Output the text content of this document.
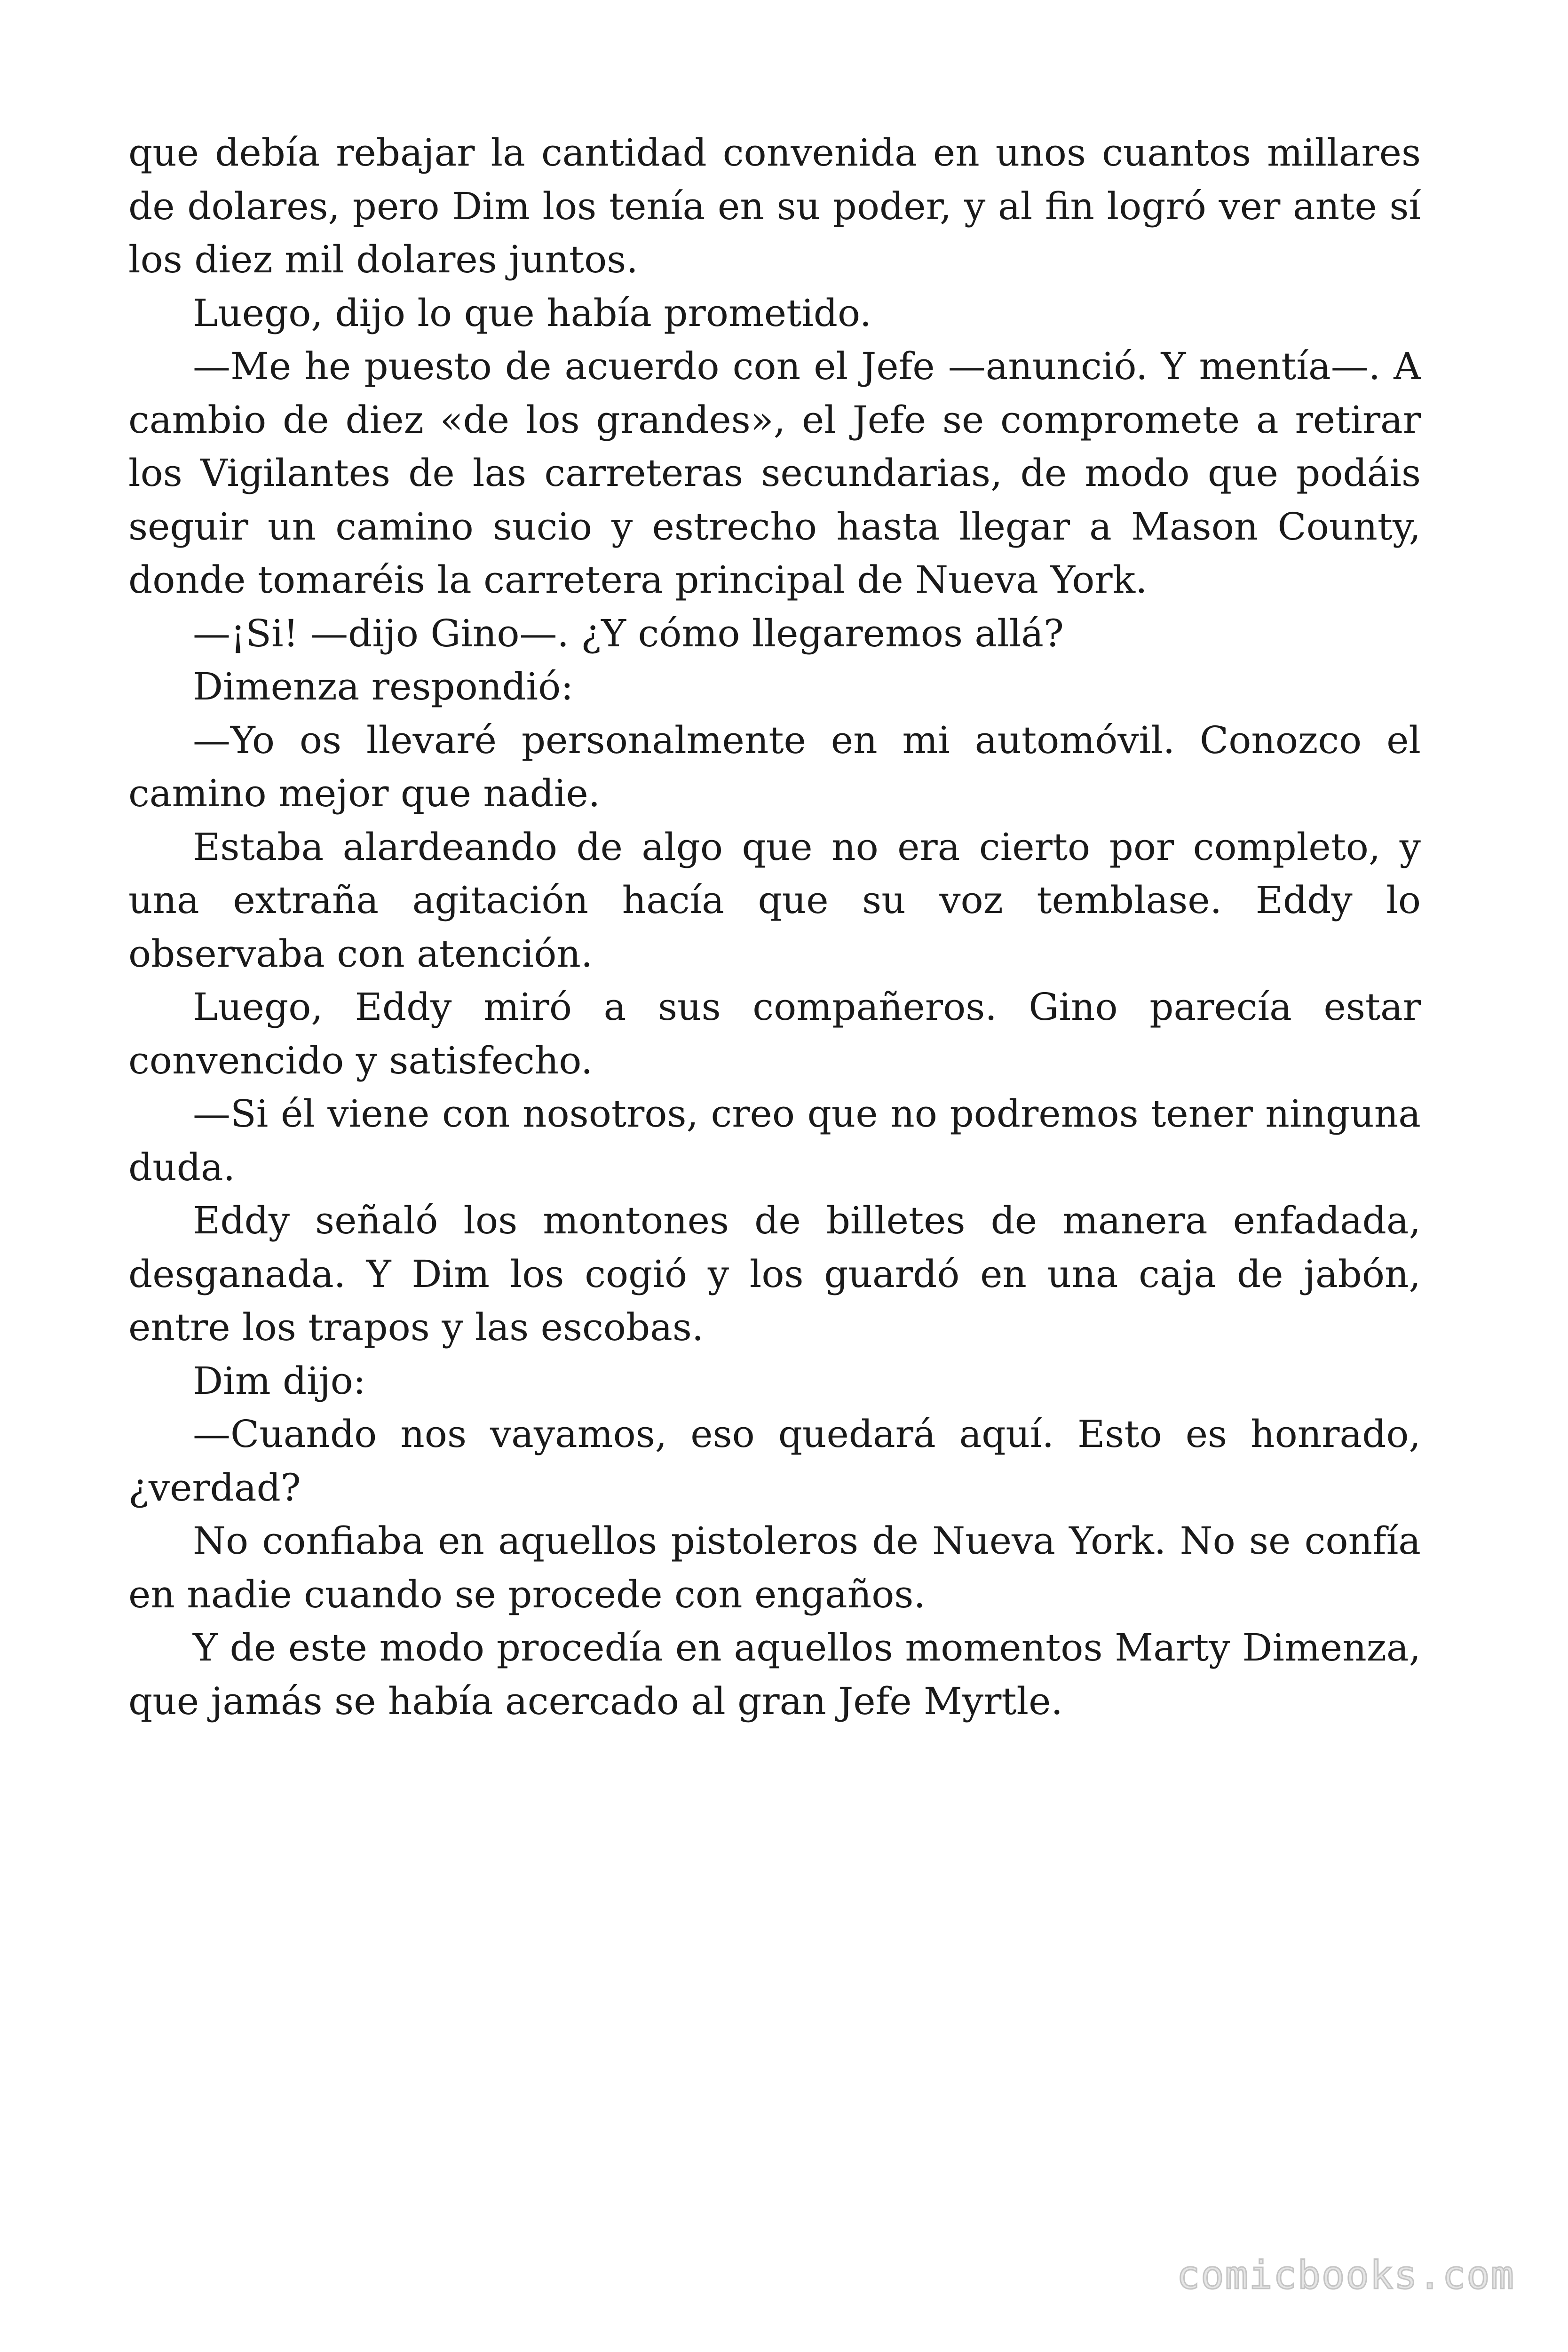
que debía rebajar la cantidad convenida en unos cuantos millares de dolares, pero Dim los tenía en su poder, y al fin logró ver ante sí los diez mil dolares juntos.

Luego, dijo lo que había prometido.

—Me he puesto de acuerdo con el Jefe —anunció. Y mentía—. A cambio de diez «de los grandes», el Jefe se compromete a retirar los Vigilantes de las carreteras secundarias, de modo que podáis seguir un camino sucio y estrecho hasta llegar a Mason County, donde tomaréis la carretera principal de Nueva York.

—¡Si! —dijo Gino—. ¿Y cómo llegaremos allá?

Dimenza respondió:

—Yo os llevaré personalmente en mi automóvil. Conozco el camino mejor que nadie.

Estaba alardeando de algo que no era cierto por completo, y una extraña agitación hacía que su voz temblase. Eddy lo observaba con atención.

Luego, Eddy miró a sus compañeros. Gino parecía estar convencido y satisfecho.

—Si él viene con nosotros, creo que no podremos tener ninguna duda.

Eddy señaló los montones de billetes de manera enfadada, desganada. Y Dim los cogió y los guardó en una caja de jabón, entre los trapos y las escobas.

Dim dijo:

—Cuando nos vayamos, eso quedará aquí. Esto es honrado, ¿verdad?

No confiaba en aquellos pistoleros de Nueva York. No se confía en nadie cuando se procede con engaños.

Y de este modo procedía en aquellos momentos Marty Dimenza, que jamás se había acercado al gran Jefe Myrtle.

comicbooks.com
